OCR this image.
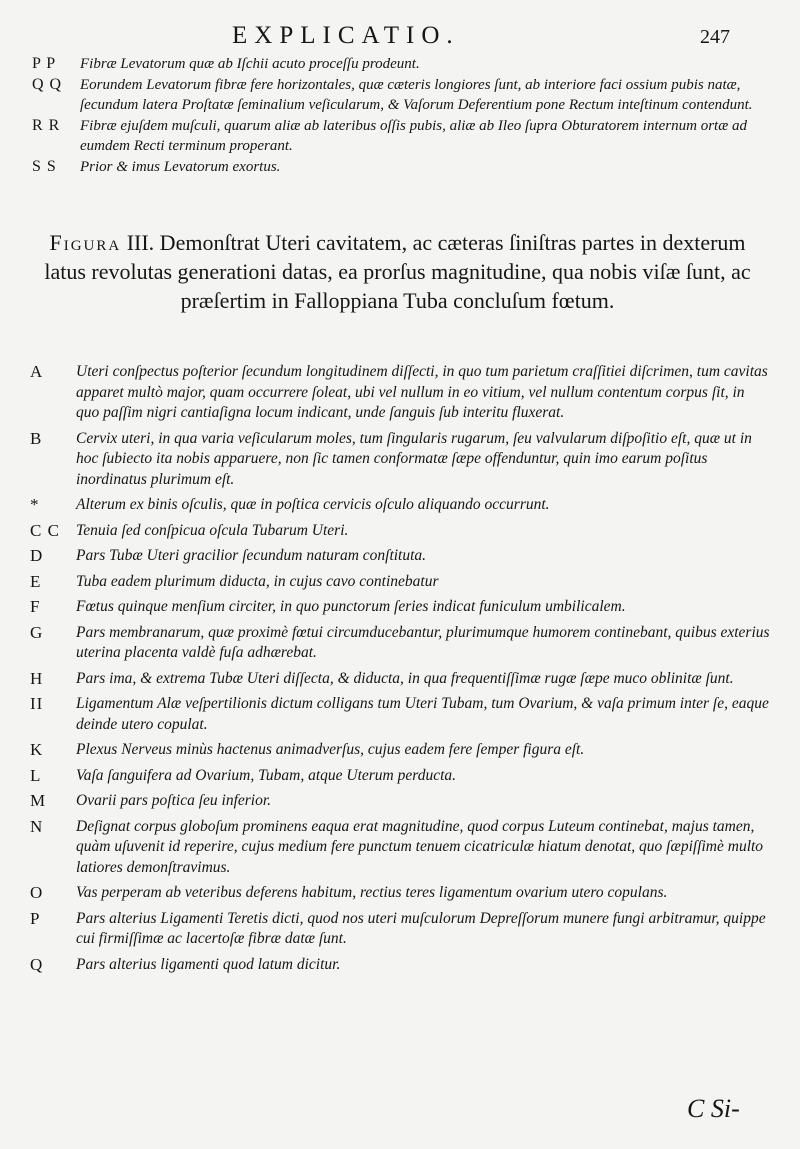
EXPLICATIO.	247

P P Fibræ Levatorum quæ ab Iſchii acuto proceſſu prodeunt.

Q Q Eorundem Levatorum fibræ fere horizontales, quæ cæteris longiores ſunt, ab interiore faci ossium pubis natæ, ſecundum latera Proſtatæ ſeminalium veſicularum, & Vaſorum Deferentium pone Rectum inteſtinum contendunt.

R R Fibræ ejuſdem muſculi, quarum aliæ ab lateribus oſſis pubis, aliæ ab Ileo ſupra Obturatorem internum ortæ ad eumdem Recti terminum properant.

S S Prior & imus Levatorum exortus.

Figura III. Demonſtrat Uteri cavitatem, ac cæteras ſiniſtras partes in dexterum latus revolutas generationi datas, ea prorſus magnitudine, qua nobis viſæ ſunt, ac præſertim in Falloppiana Tuba concluſum fœtum.

A Uteri conſpectus poſterior ſecundum longitudinem diſſecti, in quo tum parietum craſſitiei diſcrimen, tum cavitas apparet multò major, quam occurrere ſoleat, ubi vel nullum in eo vitium, vel nullum contentum corpus ſit, in quo paſſim nigri cantiaſigna locum indicant, unde ſanguis ſub interitu fluxerat.

B Cervix uteri, in qua varia veſicularum moles, tum ſingularis rugarum, ſeu valvularum diſpoſitio eſt, quæ ut in hoc ſubiecto ita nobis apparuere, non ſic tamen conformatæ ſæpe offenduntur, quin imo earum poſitus inordinatus plurimum eſt.

* Alterum ex binis oſculis, quæ in poſtica cervicis oſculo aliquando occurrunt.

C C Tenuia ſed conſpicua oſcula Tubarum Uteri.

D Pars Tubæ Uteri gracilior ſecundum naturam conſtituta.

E Tuba eadem plurimum diducta, in cujus cavo continebatur

F Fœtus quinque menſium circiter, in quo punctorum ſeries indicat funiculum umbilicalem.

G Pars membranarum, quæ proximè fœtui circumducebantur, plurimumque humorem continebant, quibus exterius uterina placenta valdè fuſa adhærebat.

H Pars ima, & extrema Tubæ Uteri diſſecta, & diducta, in qua frequentiſſimæ rugæ ſæpe muco oblinitæ ſunt.

II Ligamentum Alæ veſpertilionis dictum colligans tum Uteri Tubam, tum Ovarium, & vaſa primum inter ſe, eaque deinde utero copulat.

K Plexus Nerveus minùs hactenus animadverſus, cujus eadem fere ſemper figura eſt.

L Vaſa ſanguifera ad Ovarium, Tubam, atque Uterum perducta.

M Ovarii pars poſtica ſeu inferior.

N Deſignat corpus globoſum prominens eaqua erat magnitudine, quod corpus Luteum continebat, majus tamen, quàm uſuvenit id reperire, cujus medium fere punctum tenuem cicatriculæ hiatum denotat, quo ſæpiſſimè multo latiores demonſtravimus.

O Vas perperam ab veteribus deferens habitum, rectius teres ligamentum ovarium utero copulans.

P Pars alterius Ligamenti Teretis dicti, quod nos uteri muſculorum Depreſſorum munere fungi arbitramur, quippe cui firmiſſimæ ac lacertoſæ fibræ datæ ſunt.

Q Pars alterius ligamenti quod latum dicitur.

C Si-
